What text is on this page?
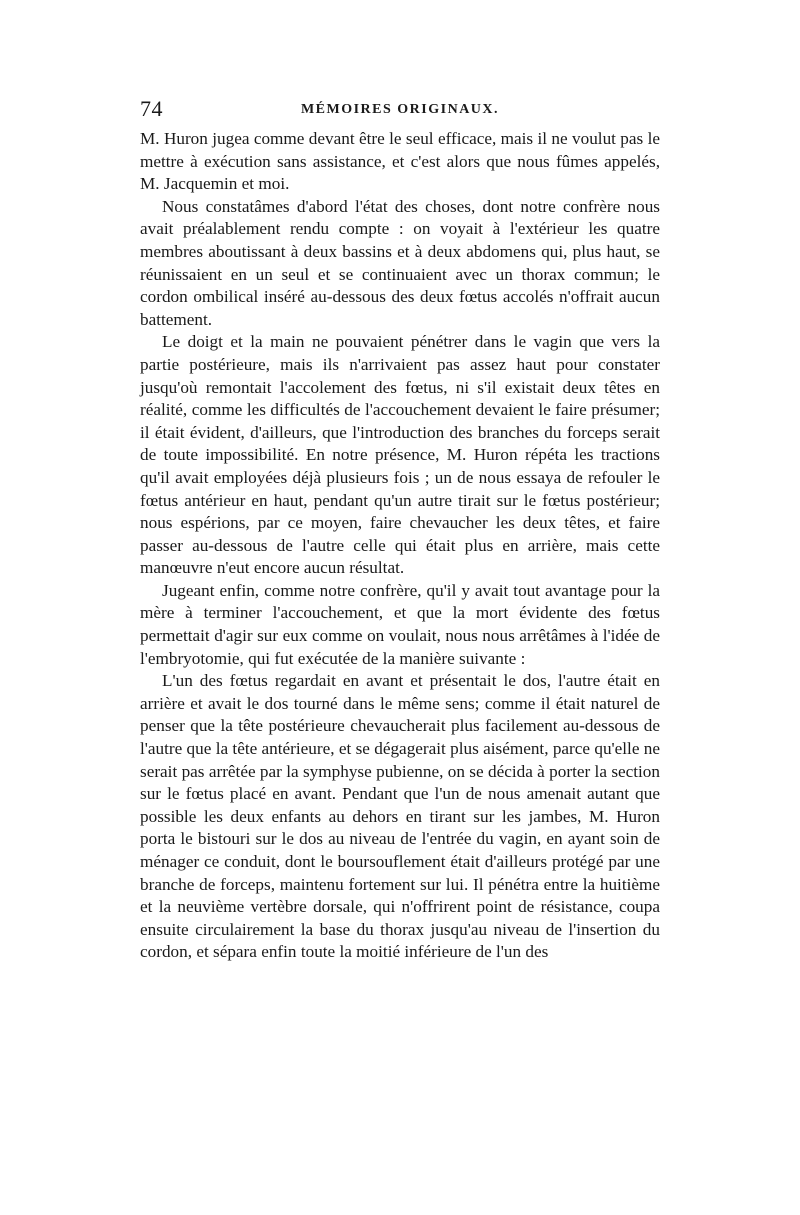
74	MÉMOIRES ORIGINAUX.

M. Huron jugea comme devant être le seul efficace, mais il ne voulut pas le mettre à exécution sans assistance, et c'est alors que nous fûmes appelés, M. Jacquemin et moi.

Nous constatâmes d'abord l'état des choses, dont notre confrère nous avait préalablement rendu compte : on voyait à l'extérieur les quatre membres aboutissant à deux bassins et à deux abdomens qui, plus haut, se réunissaient en un seul et se continuaient avec un thorax commun; le cordon ombilical inséré au-dessous des deux fœtus accolés n'offrait aucun battement.

Le doigt et la main ne pouvaient pénétrer dans le vagin que vers la partie postérieure, mais ils n'arrivaient pas assez haut pour constater jusqu'où remontait l'accolement des fœtus, ni s'il existait deux têtes en réalité, comme les difficultés de l'accouchement devaient le faire présumer; il était évident, d'ailleurs, que l'introduction des branches du forceps serait de toute impossibilité. En notre présence, M. Huron répéta les tractions qu'il avait employées déjà plusieurs fois ; un de nous essaya de refouler le fœtus antérieur en haut, pendant qu'un autre tirait sur le fœtus postérieur; nous espérions, par ce moyen, faire chevaucher les deux têtes, et faire passer au-dessous de l'autre celle qui était plus en arrière, mais cette manœuvre n'eut encore aucun résultat.

Jugeant enfin, comme notre confrère, qu'il y avait tout avantage pour la mère à terminer l'accouchement, et que la mort évidente des fœtus permettait d'agir sur eux comme on voulait, nous nous arrêtâmes à l'idée de l'embryotomie, qui fut exécutée de la manière suivante :

L'un des fœtus regardait en avant et présentait le dos, l'autre était en arrière et avait le dos tourné dans le même sens; comme il était naturel de penser que la tête postérieure chevaucherait plus facilement au-dessous de l'autre que la tête antérieure, et se dégagerait plus aisément, parce qu'elle ne serait pas arrêtée par la symphyse pubienne, on se décida à porter la section sur le fœtus placé en avant. Pendant que l'un de nous amenait autant que possible les deux enfants au dehors en tirant sur les jambes, M. Huron porta le bistouri sur le dos au niveau de l'entrée du vagin, en ayant soin de ménager ce conduit, dont le boursouflement était d'ailleurs protégé par une branche de forceps, maintenu fortement sur lui. Il pénétra entre la huitième et la neuvième vertèbre dorsale, qui n'offrirent point de résistance, coupa ensuite circulairement la base du thorax jusqu'au niveau de l'insertion du cordon, et sépara enfin toute la moitié inférieure de l'un des
